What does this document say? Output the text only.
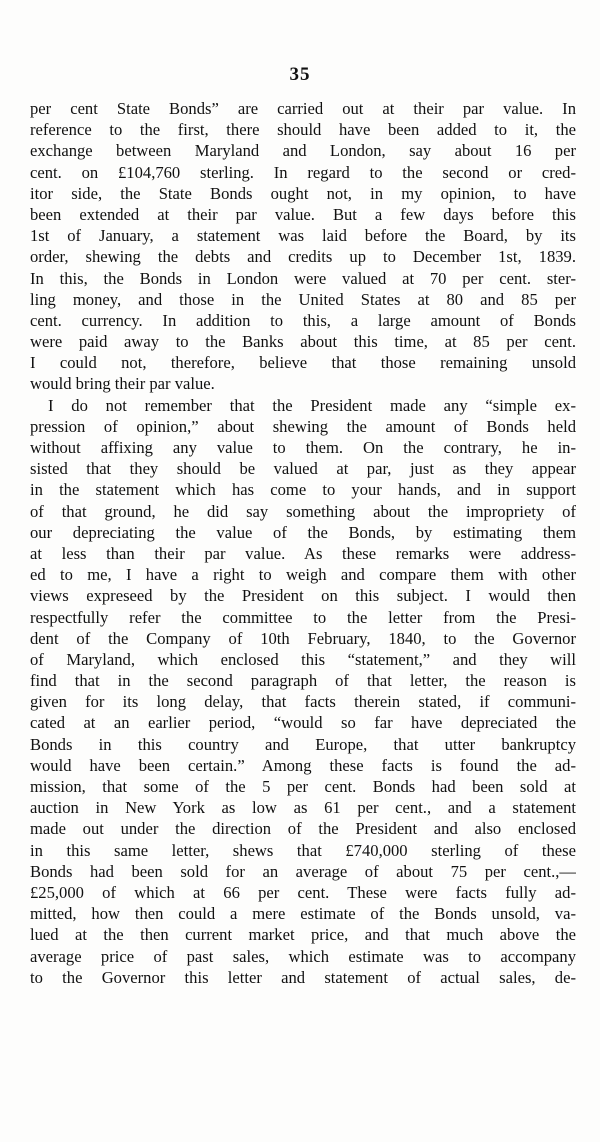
35
per cent State Bonds” are carried out at their par value. In
reference to the first, there should have been added to it, the
exchange between Maryland and London, say about 16 per
cent. on £104,760 sterling. In regard to the second or cred-
itor side, the State Bonds ought not, in my opinion, to have
been extended at their par value. But a few days before this
1st of January, a statement was laid before the Board, by its
order, shewing the debts and credits up to December 1st, 1839.
In this, the Bonds in London were valued at 70 per cent. ster-
ling money, and those in the United States at 80 and 85 per
cent. currency. In addition to this, a large amount of Bonds
were paid away to the Banks about this time, at 85 per cent.
I could not, therefore, believe that those remaining unsold
would bring their par value.
I do not remember that the President made any “simple ex-
pression of opinion,” about shewing the amount of Bonds held
without affixing any value to them. On the contrary, he in-
sisted that they should be valued at par, just as they appear
in the statement which has come to your hands, and in support
of that ground, he did say something about the impropriety of
our depreciating the value of the Bonds, by estimating them
at less than their par value. As these remarks were address-
ed to me, I have a right to weigh and compare them with other
views expreseed by the President on this subject. I would then
respectfully refer the committee to the letter from the Presi-
dent of the Company of 10th February, 1840, to the Governor
of Maryland, which enclosed this “statement,” and they will
find that in the second paragraph of that letter, the reason is
given for its long delay, that facts therein stated, if communi-
cated at an earlier period, “would so far have depreciated the
Bonds in this country and Europe, that utter bankruptcy
would have been certain.” Among these facts is found the ad-
mission, that some of the 5 per cent. Bonds had been sold at
auction in New York as low as 61 per cent., and a statement
made out under the direction of the President and also enclosed
in this same letter, shews that £740,000 sterling of these
Bonds had been sold for an average of about 75 per cent.,—
£25,000 of which at 66 per cent. These were facts fully ad-
mitted, how then could a mere estimate of the Bonds unsold, va-
lued at the then current market price, and that much above the
average price of past sales, which estimate was to accompany
to the Governor this letter and statement of actual sales, de-
